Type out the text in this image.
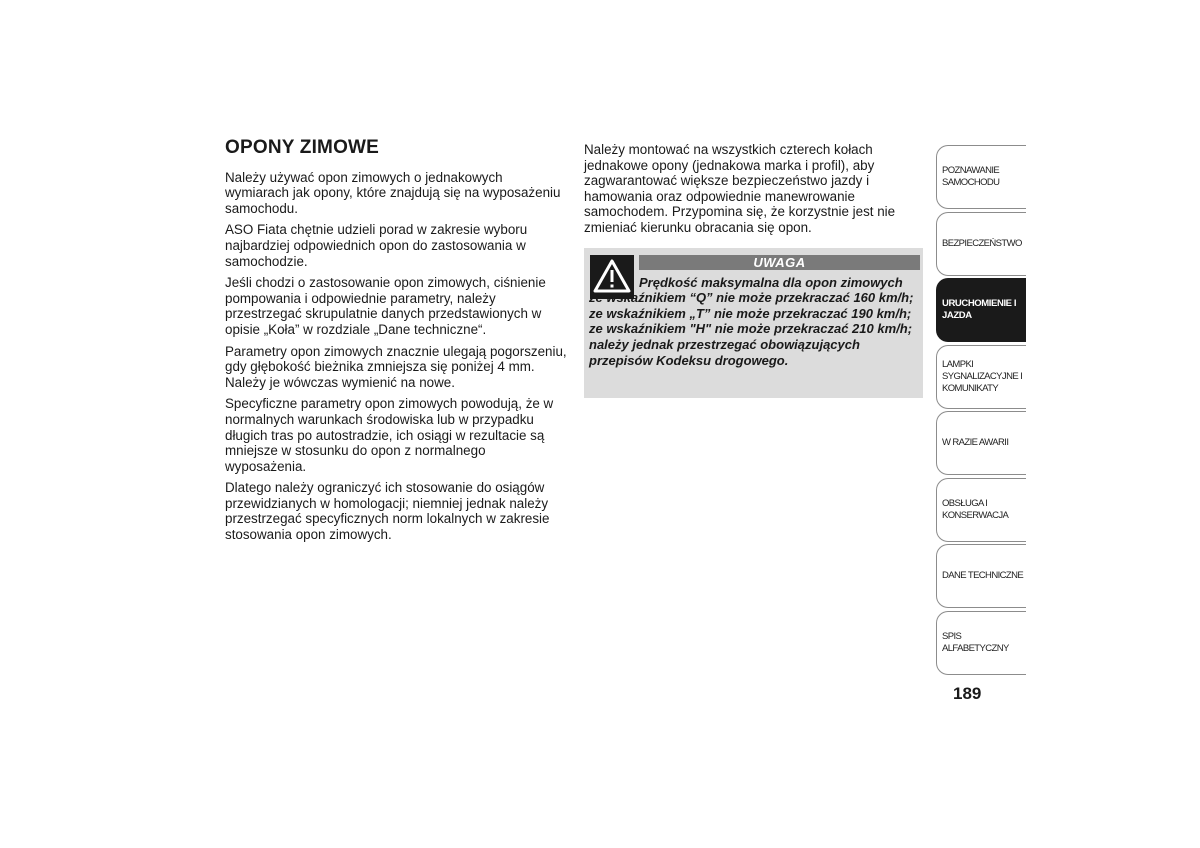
OPONY ZIMOWE

Należy używać opon zimowych o jednakowych wymiarach jak opony, które znajdują się na wyposażeniu samochodu.

ASO Fiata chętnie udzieli porad w zakresie wyboru najbardziej odpowiednich opon do zastosowania w samochodzie.

Jeśli chodzi o zastosowanie opon zimowych, ciśnienie pompowania i odpowiednie parametry, należy przestrzegać skrupulatnie danych przedstawionych w opisie „Koła” w rozdziale „Dane techniczne“.

Parametry opon zimowych znacznie ulegają pogorszeniu, gdy głębokość bieżnika zmniejsza się poniżej 4 mm. Należy je wówczas wymienić na nowe.

Specyficzne parametry opon zimowych powodują, że w normalnych warunkach środowiska lub w przypadku długich tras po autostradzie, ich osiągi w rezultacie są mniejsze w stosunku do opon z normalnego wyposażenia.

Dlatego należy ograniczyć ich stosowanie do osiągów przewidzianych w homologacji; niemniej jednak należy przestrzegać specyficznych norm lokalnych w zakresie stosowania opon zimowych.

Należy montować na wszystkich czterech kołach jednakowe opony (jednakowa marka i profil), aby zagwarantować większe bezpieczeństwo jazdy i hamowania oraz odpowiednie manewrowanie samochodem. Przypomina się, że korzystnie jest nie zmieniać kierunku obracania się opon.

UWAGA
Prędkość maksymalna dla opon zimowych ze wskaźnikiem “Q” nie może przekraczać 160 km/h; ze wskaźnikiem „T” nie może przekraczać 190 km/h; ze wskaźnikiem "H" nie może przekraczać 210 km/h; należy jednak przestrzegać obowiązujących przepisów Kodeksu drogowego.
POZNAWANIE
SAMOCHODU
BEZPIECZEŃSTWO
URUCHOMIENIE I
JAZDA
LAMPKI
SYGNALIZACYJNE I
KOMUNIKATY
W RAZIE AWARII
OBSŁUGA I
KONSERWACJA
DANE TECHNICZNE
SPIS ALFABETYCZNY
189
